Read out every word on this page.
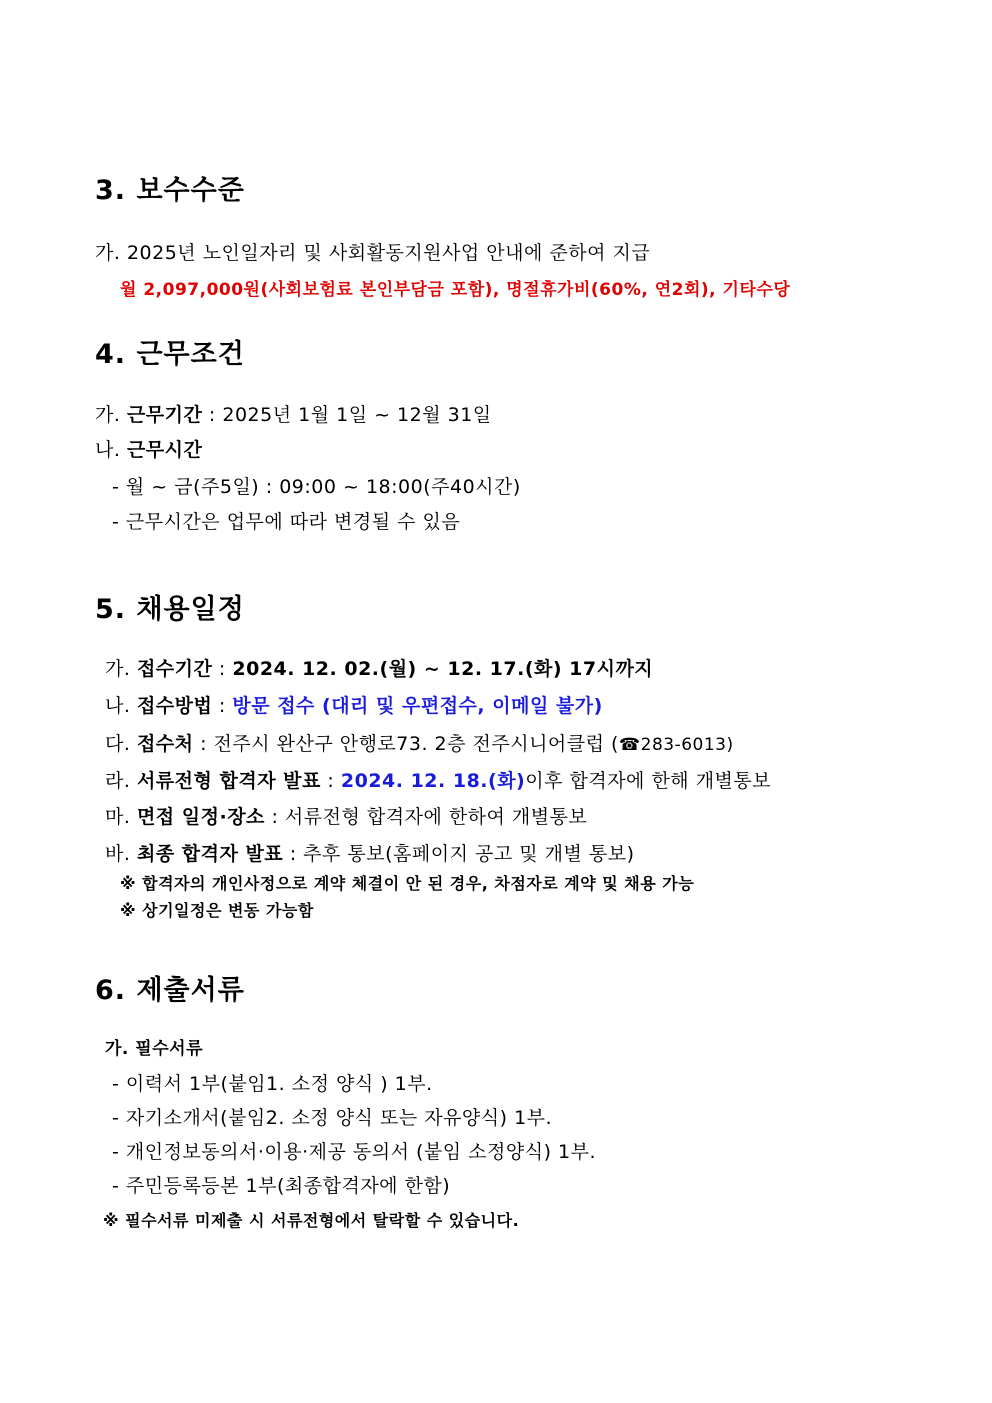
3. 보수수준
가. 2025년 노인일자리 및 사회활동지원사업 안내에 준하여 지급
월 2,097,000원(사회보험료 본인부담금 포함), 명절휴가비(60%, 연2회), 기타수당
4. 근무조건
가. 근무기간 : 2025년 1월 1일 ~ 12월 31일
나. 근무시간
- 월 ~ 금(주5일) : 09:00 ~ 18:00(주40시간)
- 근무시간은 업무에 따라 변경될 수 있음
5. 채용일정
가. 접수기간 : 2024. 12. 02.(월) ~ 12. 17.(화) 17시까지
나. 접수방법 : 방문 접수 (대리 및 우편접수, 이메일 불가)
다. 접수처 : 전주시 완산구 안행로73. 2층 전주시니어클럽 (☎283-6013)
라. 서류전형 합격자 발표 : 2024. 12. 18.(화)이후 합격자에 한해 개별통보
마. 면접 일정·장소 : 서류전형 합격자에 한하여 개별통보
바. 최종 합격자 발표 : 추후 통보(홈페이지 공고 및 개별 통보)
※ 합격자의 개인사정으로 계약 체결이 안 된 경우, 차점자로 계약 및 채용 가능
※ 상기일정은 변동 가능함
6. 제출서류
가. 필수서류
- 이력서 1부(붙임1. 소정 양식 ) 1부.
- 자기소개서(붙임2. 소정 양식 또는 자유양식) 1부.
- 개인정보동의서·이용·제공 동의서 (붙임 소정양식) 1부.
- 주민등록등본 1부(최종합격자에 한함)
※ 필수서류 미제출 시 서류전형에서 탈락할 수 있습니다.
